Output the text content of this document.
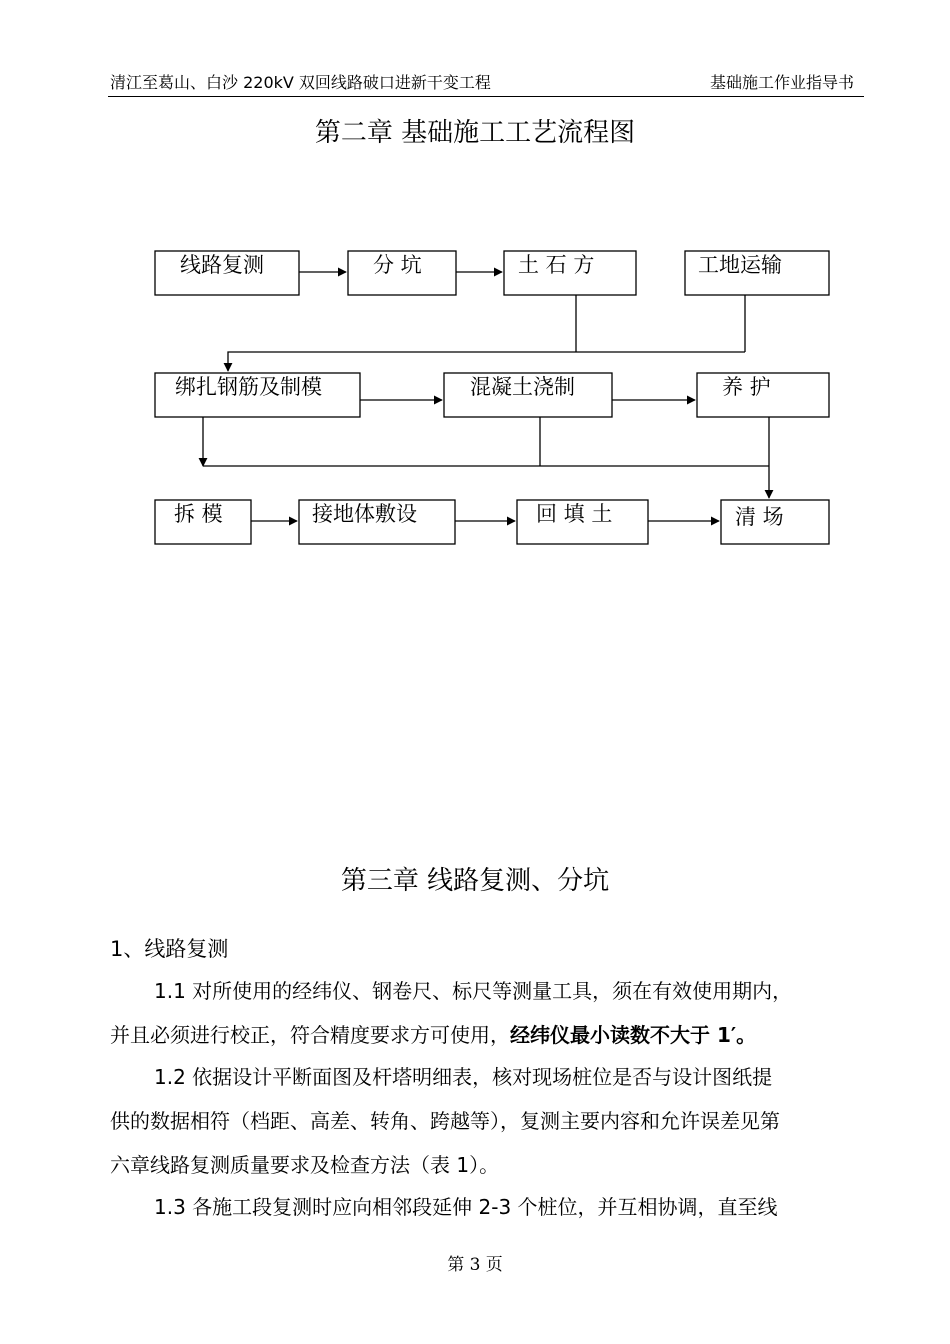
清江至葛山、白沙 220kV 双回线路破口进新干变工程	基础施工作业指导书
第二章 基础施工工艺流程图
线路复测	分 坑	土 石 方	工地运输
绑扎钢筋及制模	混凝土浇制	养 护
拆 模	接地体敷设	回 填 土	清 场
第三章 线路复测、分坑
1、线路复测
1.1 对所使用的经纬仪、钢卷尺、标尺等测量工具，须在有效使用期内，
并且必须进行校正，符合精度要求方可使用，经纬仪最小读数不大于 1′。
1.2 依据设计平断面图及杆塔明细表，核对现场桩位是否与设计图纸提
供的数据相符（档距、高差、转角、跨越等），复测主要内容和允许误差见第
六章线路复测质量要求及检查方法（表 1）。
1.3 各施工段复测时应向相邻段延伸 2-3 个桩位，并互相协调，直至线
第 3 页
